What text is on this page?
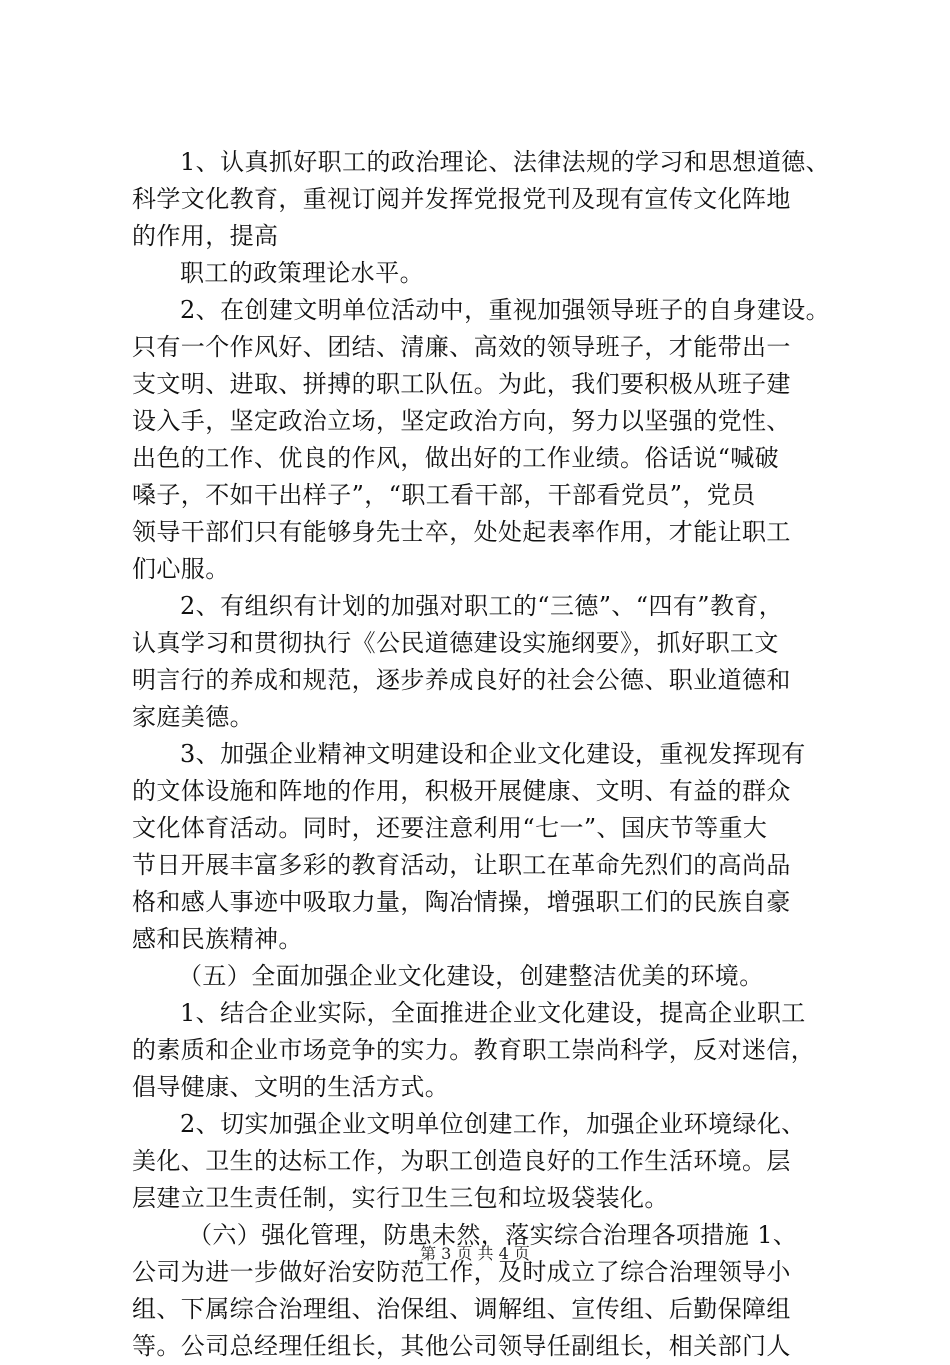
1、认真抓好职工的政治理论、法律法规的学习和思想道德、
科学文化教育，重视订阅并发挥党报党刊及现有宣传文化阵地
的作用，提高
职工的政策理论水平。
2、在创建文明单位活动中，重视加强领导班子的自身建设。
只有一个作风好、团结、清廉、高效的领导班子，才能带出一
支文明、进取、拼搏的职工队伍。为此，我们要积极从班子建
设入手，坚定政治立场，坚定政治方向，努力以坚强的党性、
出色的工作、优良的作风，做出好的工作业绩。俗话说“喊破
嗓子，不如干出样子”，“职工看干部，干部看党员”，党员
领导干部们只有能够身先士卒，处处起表率作用，才能让职工
们心服。
2、有组织有计划的加强对职工的“三德”、“四有”教育，
认真学习和贯彻执行《公民道德建设实施纲要》，抓好职工文
明言行的养成和规范，逐步养成良好的社会公德、职业道德和
家庭美德。
3、加强企业精神文明建设和企业文化建设，重视发挥现有
的文体设施和阵地的作用，积极开展健康、文明、有益的群众
文化体育活动。同时，还要注意利用“七一”、国庆节等重大
节日开展丰富多彩的教育活动，让职工在革命先烈们的高尚品
格和感人事迹中吸取力量，陶冶情操，增强职工们的民族自豪
感和民族精神。
（五）全面加强企业文化建设，创建整洁优美的环境。
1、结合企业实际，全面推进企业文化建设，提高企业职工
的素质和企业市场竞争的实力。教育职工崇尚科学，反对迷信，
倡导健康、文明的生活方式。
2、切实加强企业文明单位创建工作，加强企业环境绿化、
美化、卫生的达标工作，为职工创造良好的工作生活环境。层
层建立卫生责任制，实行卫生三包和垃圾袋装化。
（六）强化管理，防患未然，落实综合治理各项措施 1、
公司为进一步做好治安防范工作，及时成立了综合治理领导小
组、下属综合治理组、治保组、调解组、宣传组、后勤保障组
等。公司总经理任组长，其他公司领导任副组长，相关部门人
第 3 页 共 4 页
